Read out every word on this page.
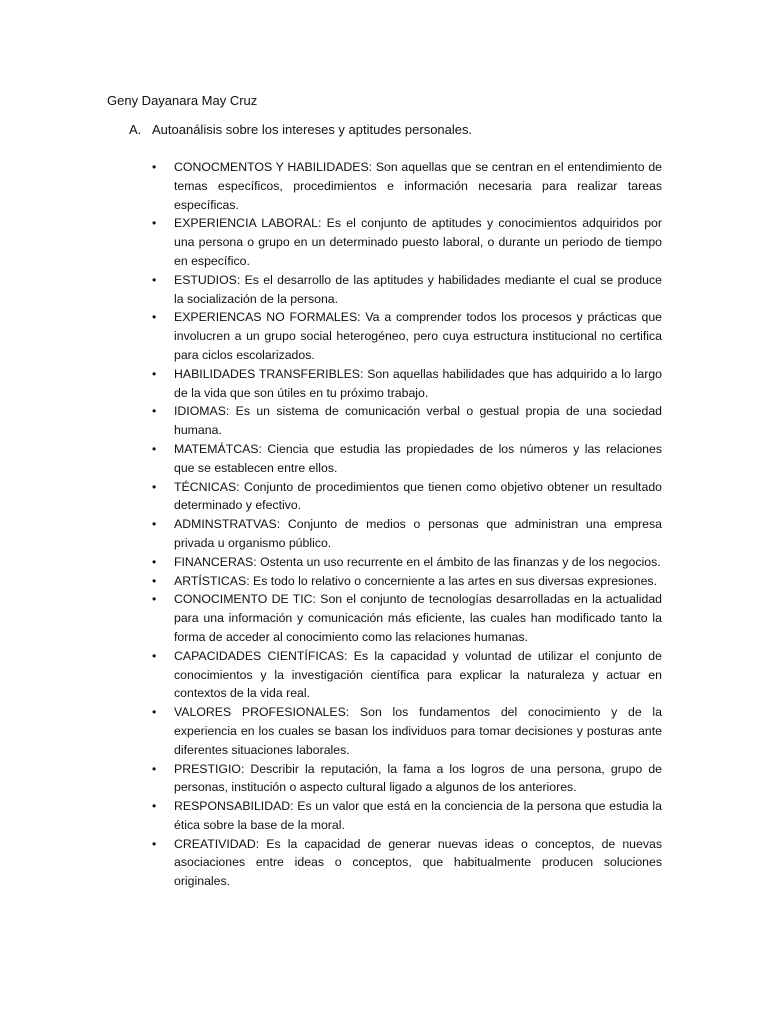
Geny Dayanara May Cruz

A. Autoanálisis sobre los intereses y aptitudes personales.

• CONOCMENTOS Y HABILIDADES: Son aquellas que se centran en el entendimiento de temas específicos, procedimientos e información necesaria para realizar tareas específicas.
• EXPERIENCIA LABORAL: Es el conjunto de aptitudes y conocimientos adquiridos por una persona o grupo en un determinado puesto laboral, o durante un periodo de tiempo en específico.
• ESTUDIOS: Es el desarrollo de las aptitudes y habilidades mediante el cual se produce la socialización de la persona.
• EXPERIENCAS NO FORMALES: Va a comprender todos los procesos y prácticas que involucren a un grupo social heterogéneo, pero cuya estructura institucional no certifica para ciclos escolarizados.
• HABILIDADES TRANSFERIBLES: Son aquellas habilidades que has adquirido a lo largo de la vida que son útiles en tu próximo trabajo.
• IDIOMAS: Es un sistema de comunicación verbal o gestual propia de una sociedad humana.
• MATEMÁTCAS: Ciencia que estudia las propiedades de los números y las relaciones que se establecen entre ellos.
• TÉCNICAS: Conjunto de procedimientos que tienen como objetivo obtener un resultado determinado y efectivo.
• ADMINSTRATVAS: Conjunto de medios o personas que administran una empresa privada u organismo público.
• FINANCERAS: Ostenta un uso recurrente en el ámbito de las finanzas y de los negocios.
• ARTÍSTICAS: Es todo lo relativo o concerniente a las artes en sus diversas expresiones.
• CONOCIMENTO DE TIC: Son el conjunto de tecnologías desarrolladas en la actualidad para una información y comunicación más eficiente, las cuales han modificado tanto la forma de acceder al conocimiento como las relaciones humanas.
• CAPACIDADES CIENTÍFICAS: Es la capacidad y voluntad de utilizar el conjunto de conocimientos y la investigación científica para explicar la naturaleza y actuar en contextos de la vida real.
• VALORES PROFESIONALES: Son los fundamentos del conocimiento y de la experiencia en los cuales se basan los individuos para tomar decisiones y posturas ante diferentes situaciones laborales.
• PRESTIGIO: Describir la reputación, la fama a los logros de una persona, grupo de personas, institución o aspecto cultural ligado a algunos de los anteriores.
• RESPONSABILIDAD: Es un valor que está en la conciencia de la persona que estudia la ética sobre la base de la moral.
• CREATIVIDAD: Es la capacidad de generar nuevas ideas o conceptos, de nuevas asociaciones entre ideas o conceptos, que habitualmente producen soluciones originales.
